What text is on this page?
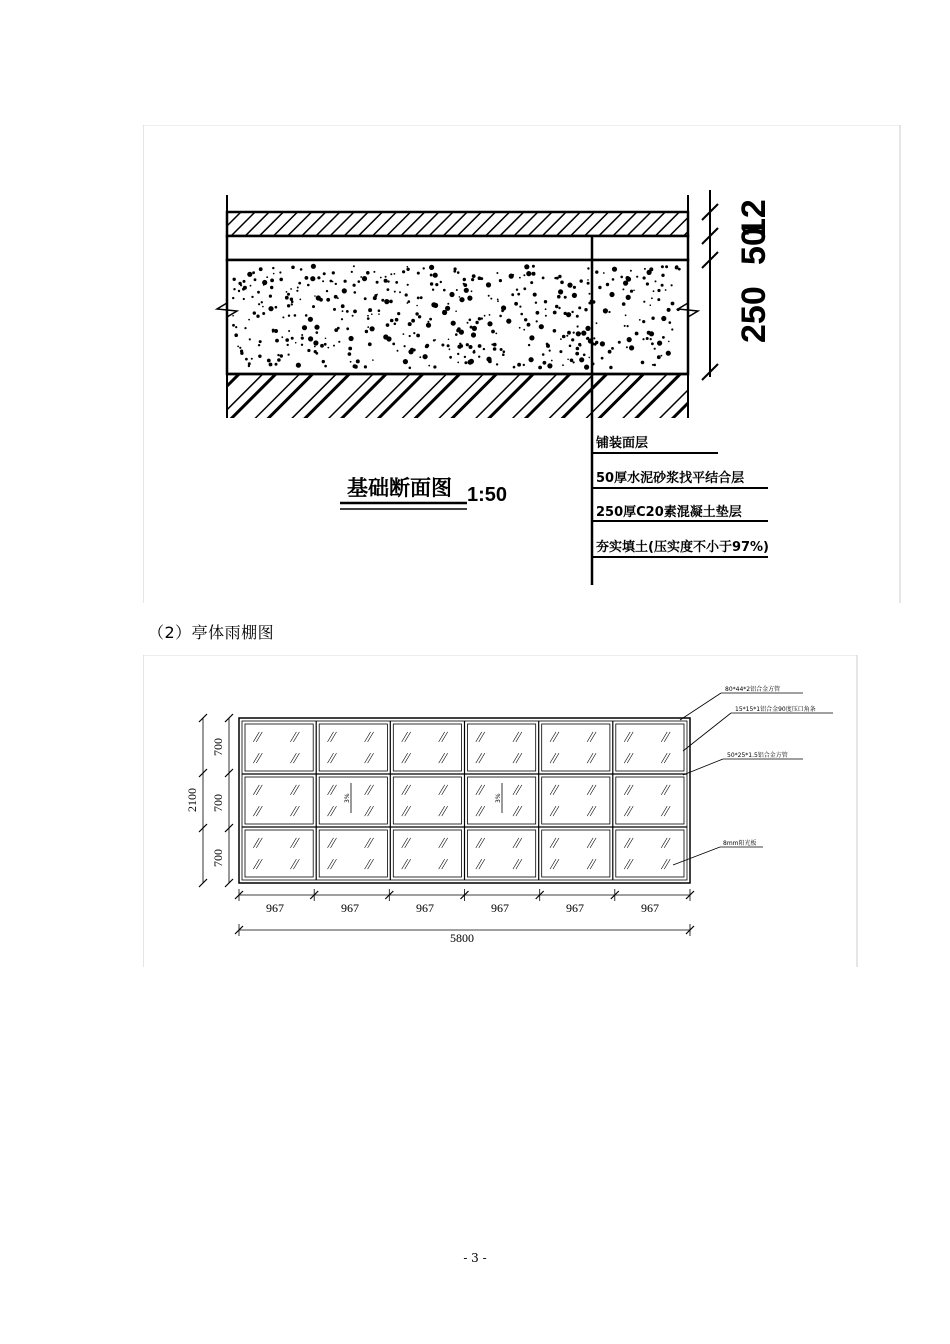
12
50
250
铺装面层
50厚水泥砂浆找平结合层
250厚C20素混凝土垫层
夯实填土(压实度不小于97%)
基础断面图 1:50
（2）亭体雨棚图
3%	3%
2100
700
700
700
967	967	967	967	967	967
5800
80*44*2铝合金方管
15*15*1铝合金90度压口角条
50*25*1.5铝合金方管
8mm阳光板
- 3 -
